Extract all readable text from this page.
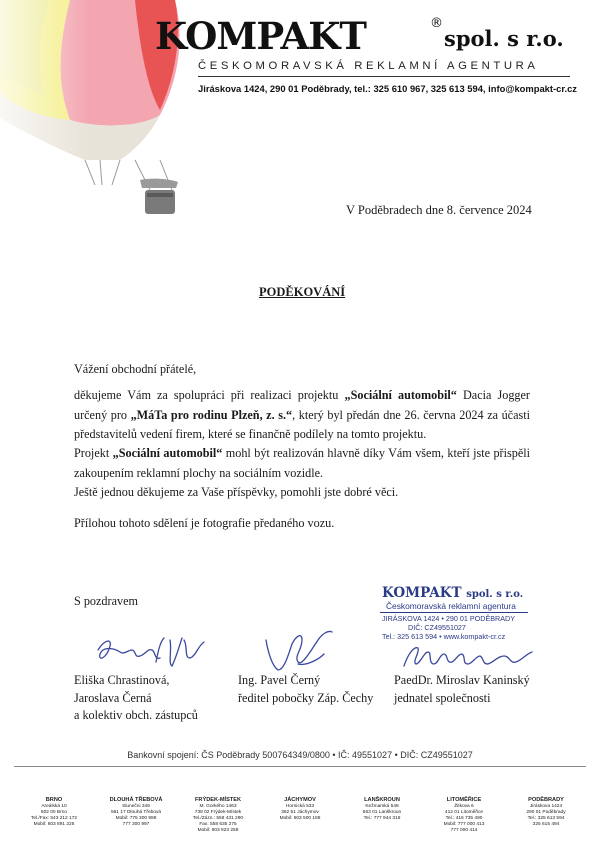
KOMPAKT	®
spol. s r.o.
ČESKOMORAVSKÁ REKLAMNÍ AGENTURA
Jiráskova 1424, 290 01 Poděbrady, tel.: 325 610 967, 325 613 594, info@kompakt-cr.cz
V Poděbradech dne 8. července 2024
PODĚKOVÁNÍ
Vážení obchodní přátelé,
děkujeme Vám za spolupráci při realizaci projektu „Sociální automobil“ Dacia Jogger určený pro „MáTa pro rodinu Plzeň, z. s.“, který byl předán dne 26. června 2024 za účasti představitelů vedení firem, které se finančně podílely na tomto projektu.
Projekt „Sociální automobil“ mohl být realizován hlavně díky Vám všem, kteří jste přispěli zakoupením reklamní plochy na sociálním vozidle.
Ještě jednou děkujeme za Vaše příspěvky, pomohli jste dobré věci.
Přílohou tohoto sdělení je fotografie předaného vozu.
S pozdravem	KOMPAKT spol. s r.o.
Českomoravská reklamní agentura
JIRÁSKOVA 1424 • 290 01 PODĚBRADY
DIČ: CZ49551027
Tel.: 325 613 594 • www.kompakt-cr.cz
Eliška Chrastinová,
Jaroslava Černá
a kolektiv obch. zástupců
Ing. Pavel Černý
ředitel pobočky Záp. Čechy
PaedDr. Miroslav Kaninský
jednatel společnosti
Bankovní spojení: ČS Poděbrady 500764349/0800 • IČ: 49551027 • DIČ: CZ49551027
BRNO
Areálská 10
602 00 Brno
Tel./Fax: 543 212 172
Mobil: 603 891 225
DLOUHÁ TŘEBOVÁ
Slunečni 346
561 17 Dlouhá Třebová
Mobil: 775 300 998
777 300 997
FRÝDEK-MÍSTEK
M. Gorkého 1463
738 02 Frýdek-Místek
Tel./Zázn.: 558 431 290
Fax: 558 635 275
Mobil: 603 823 258
JÁCHYMOV
Hornická 533
362 51 Jáchymov
Mobil: 603 500 188
LANŠKROUN
Kežmarská 548
563 01 Lanškroun
Tel.: 777 944 319
LITOMĚŘICE
Žitkova 6
412 01 Litoměřice
Tel.: 416 735 490
Mobil: 777 000 413
777 000 414
PODĚBRADY
Jiráskova 1424
290 01 Poděbrady
Tel.: 325 613 594
325 615 494
